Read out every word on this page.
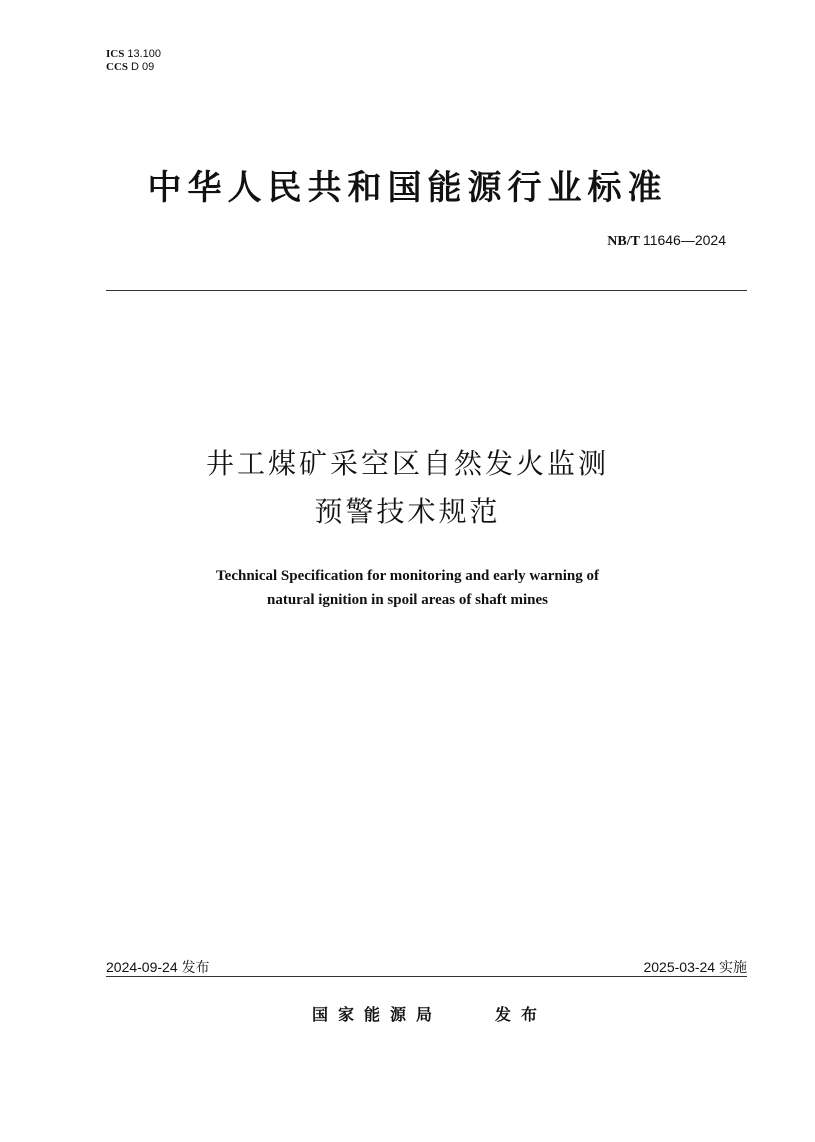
ICS 13.100
CCS D 09
中华人民共和国能源行业标准
NB/T 11646—2024
井工煤矿采空区自然发火监测
预警技术规范
Technical Specification for monitoring and early warning of
natural ignition in spoil areas of shaft mines
2024-09-24 发布	2025-03-24 实施
国家能源局	发布
